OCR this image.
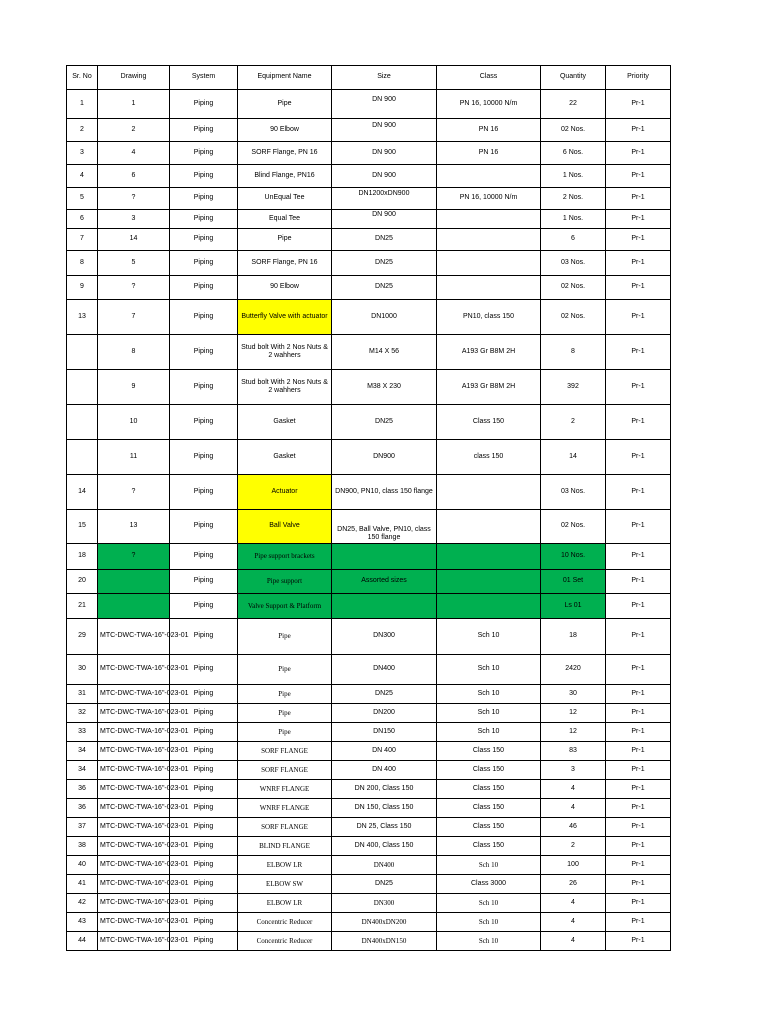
Sr. No	Drawing	System	Equipment Name	Size	Class	Quantity	Priority
1	1	Piping	Pipe	DN 900	PN 16, 10000 N/m	22	Pr-1
2	2	Piping	90 Elbow	DN 900	PN 16	02 Nos.	Pr-1
3	4	Piping	SORF Flange, PN 16	DN 900	PN 16	6 Nos.	Pr-1
4	6	Piping	Blind Flange, PN16	DN 900		1 Nos.	Pr-1
5	?	Piping	UnEqual Tee	DN1200xDN900	PN 16, 10000 N/m	2 Nos.	Pr-1
6	3	Piping	Equal Tee	DN 900		1 Nos.	Pr-1
7	14	Piping	Pipe	DN25		6	Pr-1
8	5	Piping	SORF Flange, PN 16	DN25		03 Nos.	Pr-1
9	?	Piping	90 Elbow	DN25		02 Nos.	Pr-1
13	7	Piping	Butterfly Valve with actuator	DN1000	PN10, class 150	02 Nos.	Pr-1
	8	Piping	Stud bolt With 2 Nos Nuts & 2 wahhers	M14 X 56	A193 Gr B8M 2H	8	Pr-1
	9	Piping	Stud bolt With 2 Nos Nuts & 2 wahhers	M38 X 230	A193 Gr B8M 2H	392	Pr-1
	10	Piping	Gasket	DN25	Class 150	2	Pr-1
	11	Piping	Gasket	DN900	class 150	14	Pr-1
14	?	Piping	Actuator	DN900, PN10, class 150 flange		03 Nos.	Pr-1
15	13	Piping	Ball Valve	DN25, Ball Valve, PN10, class 150 flange		02 Nos.	Pr-1
18	?	Piping	Pipe support brackets			10 Nos.	Pr-1
20		Piping	Pipe support	Assorted sizes		01 Set	Pr-1
21		Piping	Valve Support & Platform			Ls 01	Pr-1
29	MTC-DWC-TWA-16"-023-01	Piping	Pipe	DN300	Sch 10	18	Pr-1
30	MTC-DWC-TWA-16"-023-01	Piping	Pipe	DN400	Sch 10	2420	Pr-1
31	MTC-DWC-TWA-16"-023-01	Piping	Pipe	DN25	Sch 10	30	Pr-1
32	MTC-DWC-TWA-16"-023-01	Piping	Pipe	DN200	Sch 10	12	Pr-1
33	MTC-DWC-TWA-16"-023-01	Piping	Pipe	DN150	Sch 10	12	Pr-1
34	MTC-DWC-TWA-16"-023-01	Piping	SORF FLANGE	DN 400	Class 150	83	Pr-1
34	MTC-DWC-TWA-16"-023-01	Piping	SORF FLANGE	DN 400	Class 150	3	Pr-1
36	MTC-DWC-TWA-16"-023-01	Piping	WNRF FLANGE	DN 200, Class 150	Class 150	4	Pr-1
36	MTC-DWC-TWA-16"-023-01	Piping	WNRF FLANGE	DN 150, Class 150	Class 150	4	Pr-1
37	MTC-DWC-TWA-16"-023-01	Piping	SORF FLANGE	DN 25, Class 150	Class 150	46	Pr-1
38	MTC-DWC-TWA-16"-023-01	Piping	BLIND FLANGE	DN 400, Class 150	Class 150	2	Pr-1
40	MTC-DWC-TWA-16"-023-01	Piping	ELBOW LR	DN400	Sch 10	100	Pr-1
41	MTC-DWC-TWA-16"-023-01	Piping	ELBOW SW	DN25	Class 3000	26	Pr-1
42	MTC-DWC-TWA-16"-023-01	Piping	ELBOW LR	DN300	Sch 10	4	Pr-1
43	MTC-DWC-TWA-16"-023-01	Piping	Concentric Reducer	DN400xDN200	Sch 10	4	Pr-1
44	MTC-DWC-TWA-16"-023-01	Piping	Concentric Reducer	DN400xDN150	Sch 10	4	Pr-1
